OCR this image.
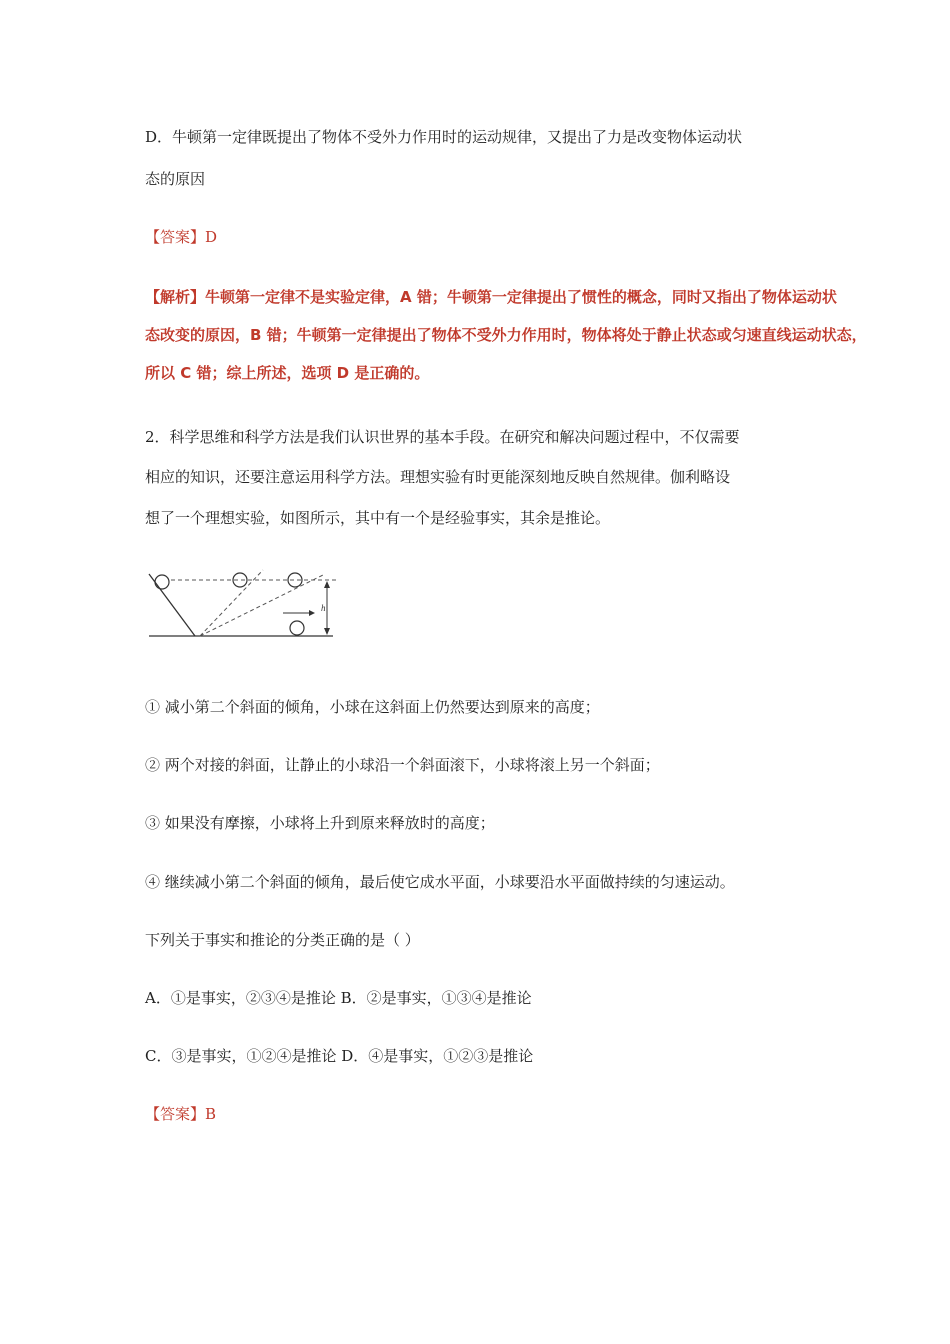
D．牛顿第一定律既提出了物体不受外力作用时的运动规律，又提出了力是改变物体运动状
态的原因
【答案】D
【解析】牛顿第一定律不是实验定律，A 错；牛顿第一定律提出了惯性的概念，同时又指出了物体运动状
态改变的原因，B 错；牛顿第一定律提出了物体不受外力作用时，物体将处于静止状态或匀速直线运动状态，
所以 C 错；综上所述，选项 D 是正确的。
2．科学思维和科学方法是我们认识世界的基本手段。在研究和解决问题过程中，不仅需要
相应的知识，还要注意运用科学方法。理想实验有时更能深刻地反映自然规律。伽利略设
想了一个理想实验，如图所示，其中有一个是经验事实，其余是推论。
h
① 减小第二个斜面的倾角，小球在这斜面上仍然要达到原来的高度；
② 两个对接的斜面，让静止的小球沿一个斜面滚下，小球将滚上另一个斜面；
③ 如果没有摩擦，小球将上升到原来释放时的高度；
④ 继续减小第二个斜面的倾角，最后使它成水平面，小球要沿水平面做持续的匀速运动。
下列关于事实和推论的分类正确的是（ ）
A．①是事实，②③④是推论 B．②是事实，①③④是推论
C．③是事实，①②④是推论 D．④是事实，①②③是推论
【答案】B
